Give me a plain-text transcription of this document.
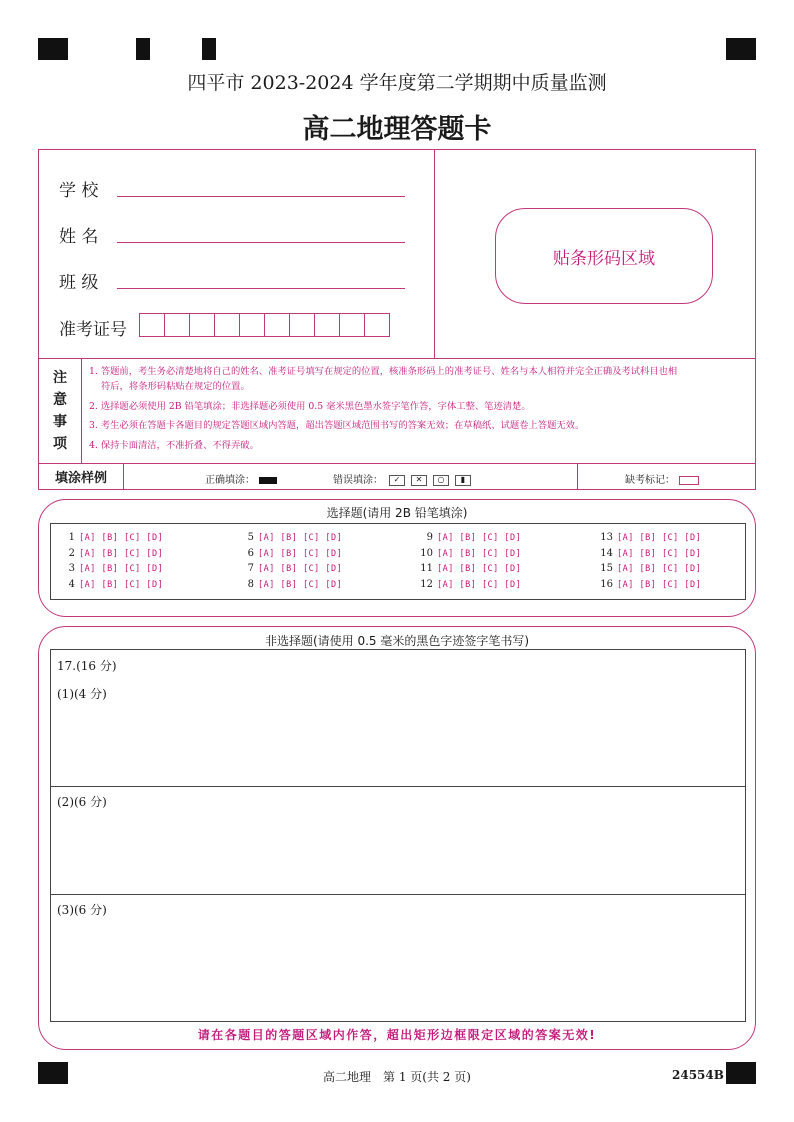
四平市 2023-2024 学年度第二学期期中质量监测
高二地理答题卡
学 校
姓 名
班 级
准考证号
贴条形码区域
注
意
事
项
1. 答题前，考生务必清楚地将自己的姓名、准考证号填写在规定的位置，核准条形码上的准考证号、姓名与本人相符并完全正确及考试科目也相
符后，将条形码粘贴在规定的位置。
2. 选择题必须使用 2B 铅笔填涂；非选择题必须使用 0.5 毫米黑色墨水签字笔作答，字体工整、笔迹清楚。
3. 考生必须在答题卡各题目的规定答题区域内答题，超出答题区域范围书写的答案无效；在草稿纸、试题卷上答题无效。
4. 保持卡面清洁，不准折叠、不得弄破。
填涂样例	正确填涂：	错误填涂： ✓ ✕ ○ ▮	缺考标记：
选择题(请用 2B 铅笔填涂)
1 [A] [B] [C] [D]
2 [A] [B] [C] [D]
3 [A] [B] [C] [D]
4 [A] [B] [C] [D]
5 [A] [B] [C] [D]
6 [A] [B] [C] [D]
7 [A] [B] [C] [D]
8 [A] [B] [C] [D]
9 [A] [B] [C] [D]
10 [A] [B] [C] [D]
11 [A] [B] [C] [D]
12 [A] [B] [C] [D]
13 [A] [B] [C] [D]
14 [A] [B] [C] [D]
15 [A] [B] [C] [D]
16 [A] [B] [C] [D]
非选择题(请使用 0.5 毫米的黑色字迹签字笔书写)
17.(16 分)
(1)(4 分)
(2)(6 分)
(3)(6 分)
请在各题目的答题区域内作答，超出矩形边框限定区域的答案无效!
高二地理　第 1 页(共 2 页)	24554B
